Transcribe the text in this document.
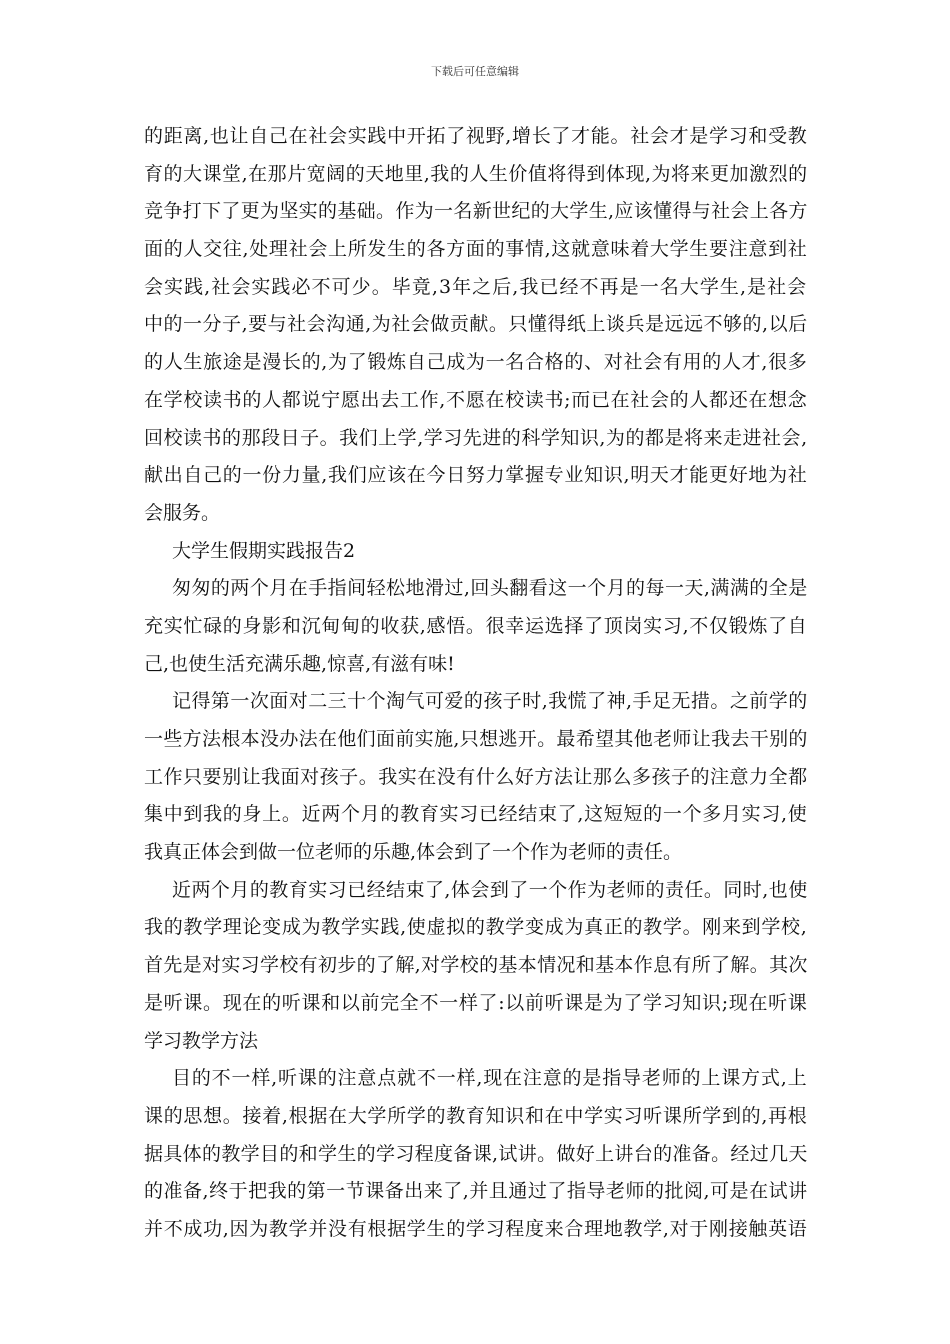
下载后可任意编辑
的距离,也让自己在社会实践中开拓了视野,增长了才能。社会才是学习和受教
育的大课堂,在那片宽阔的天地里,我的人生价值将得到体现,为将来更加激烈的
竞争打下了更为坚实的基础。作为一名新世纪的大学生,应该懂得与社会上各方
面的人交往,处理社会上所发生的各方面的事情,这就意味着大学生要注意到社
会实践,社会实践必不可少。毕竟,3年之后,我已经不再是一名大学生,是社会
中的一分子,要与社会沟通,为社会做贡献。只懂得纸上谈兵是远远不够的,以后
的人生旅途是漫长的,为了锻炼自己成为一名合格的、对社会有用的人才,很多
在学校读书的人都说宁愿出去工作,不愿在校读书;而已在社会的人都还在想念
回校读书的那段日子。我们上学,学习先进的科学知识,为的都是将来走进社会,
献出自己的一份力量,我们应该在今日努力掌握专业知识,明天才能更好地为社
会服务。
大学生假期实践报告2
匆匆的两个月在手指间轻松地滑过,回头翻看这一个月的每一天,满满的全是
充实忙碌的身影和沉甸甸的收获,感悟。很幸运选择了顶岗实习,不仅锻炼了自
己,也使生活充满乐趣,惊喜,有滋有味!
记得第一次面对二三十个淘气可爱的孩子时,我慌了神,手足无措。之前学的
一些方法根本没办法在他们面前实施,只想逃开。最希望其他老师让我去干别的
工作只要别让我面对孩子。我实在没有什么好方法让那么多孩子的注意力全都
集中到我的身上。近两个月的教育实习已经结束了,这短短的一个多月实习,使
我真正体会到做一位老师的乐趣,体会到了一个作为老师的责任。
近两个月的教育实习已经结束了,体会到了一个作为老师的责任。同时,也使
我的教学理论变成为教学实践,使虚拟的教学变成为真正的教学。刚来到学校,
首先是对实习学校有初步的了解,对学校的基本情况和基本作息有所了解。其次
是听课。现在的听课和以前完全不一样了:以前听课是为了学习知识;现在听课
学习教学方法
目的不一样,听课的注意点就不一样,现在注意的是指导老师的上课方式,上
课的思想。接着,根据在大学所学的教育知识和在中学实习听课所学到的,再根
据具体的教学目的和学生的学习程度备课,试讲。做好上讲台的准备。经过几天
的准备,终于把我的第一节课备出来了,并且通过了指导老师的批阅,可是在试讲
并不成功,因为教学并没有根据学生的学习程度来合理地教学,对于刚接触英语
